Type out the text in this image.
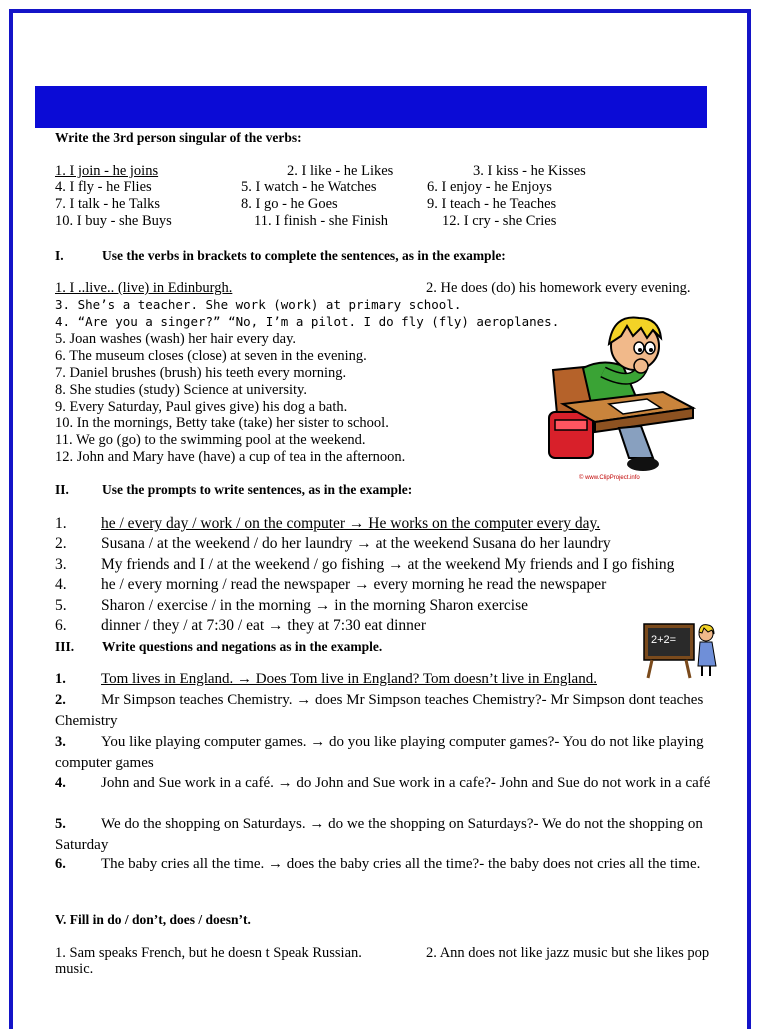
Write the 3rd person singular of the verbs:
1. I join - he joins	2. I like - he Likes	3. I kiss - he Kisses
4. I fly - he Flies	5. I watch - he Watches	6. I enjoy - he Enjoys
7. I talk - he Talks	8. I go - he Goes	9. I teach - he Teaches
10. I buy - she Buys	11. I finish - she Finish	12. I cry - she Cries
I.	Use the verbs in brackets to complete the sentences, as in the example:
1. I ..live.. (live) in Edinburgh.	2. He does (do) his homework every evening.
3. She’s a teacher. She work (work) at primary school.
4. “Are you a singer?” “No, I’m a pilot. I do fly (fly) aeroplanes.
5. Joan washes (wash) her hair every day.
6. The museum closes (close) at seven in the evening.
7. Daniel brushes (brush) his teeth every morning.
8. She studies (study) Science at university.
9. Every Saturday, Paul gives give) his dog a bath.
10. In the mornings, Betty take (take) her sister to school.
11. We go (go) to the swimming pool at the weekend.
12. John and Mary have (have) a cup of tea in the afternoon.
© www.ClipProject.info
II. Use the prompts to write sentences, as in the example:
1. he / every day / work / on the computer → He works on the computer every day.
2. Susana / at the weekend / do her laundry → at the weekend Susana do her laundry
3. My friends and I / at the weekend / go fishing → at the weekend My friends and I go fishing
4. he / every morning / read the newspaper → every morning he read the newspaper
5. Sharon / exercise / in the morning → in the morning Sharon exercise
6. dinner / they / at 7:30 / eat → they at 7:30 eat dinner
III. Write questions and negations as in the example.	2+2=
1. Tom lives in England. → Does Tom live in England? Tom doesn’t live in England.
2. Mr Simpson teaches Chemistry. → does Mr Simpson teaches Chemistry?- Mr Simpson dont teaches Chemistry
3. You like playing computer games. → do you like playing computer games?- You do not like playing computer games
4. John and Sue work in a café. → do John and Sue work in a cafe?- John and Sue do not work in a café
5. We do the shopping on Saturdays. → do we the shopping on Saturdays?- We do not the shopping on Saturday
6. The baby cries all the time. → does the baby cries all the time?- the baby does not cries all the time.
V. Fill in do / don’t, does / doesn’t.
1. Sam speaks French, but he doesn t Speak Russian.	2. Ann does not like jazz music but she likes pop music.
